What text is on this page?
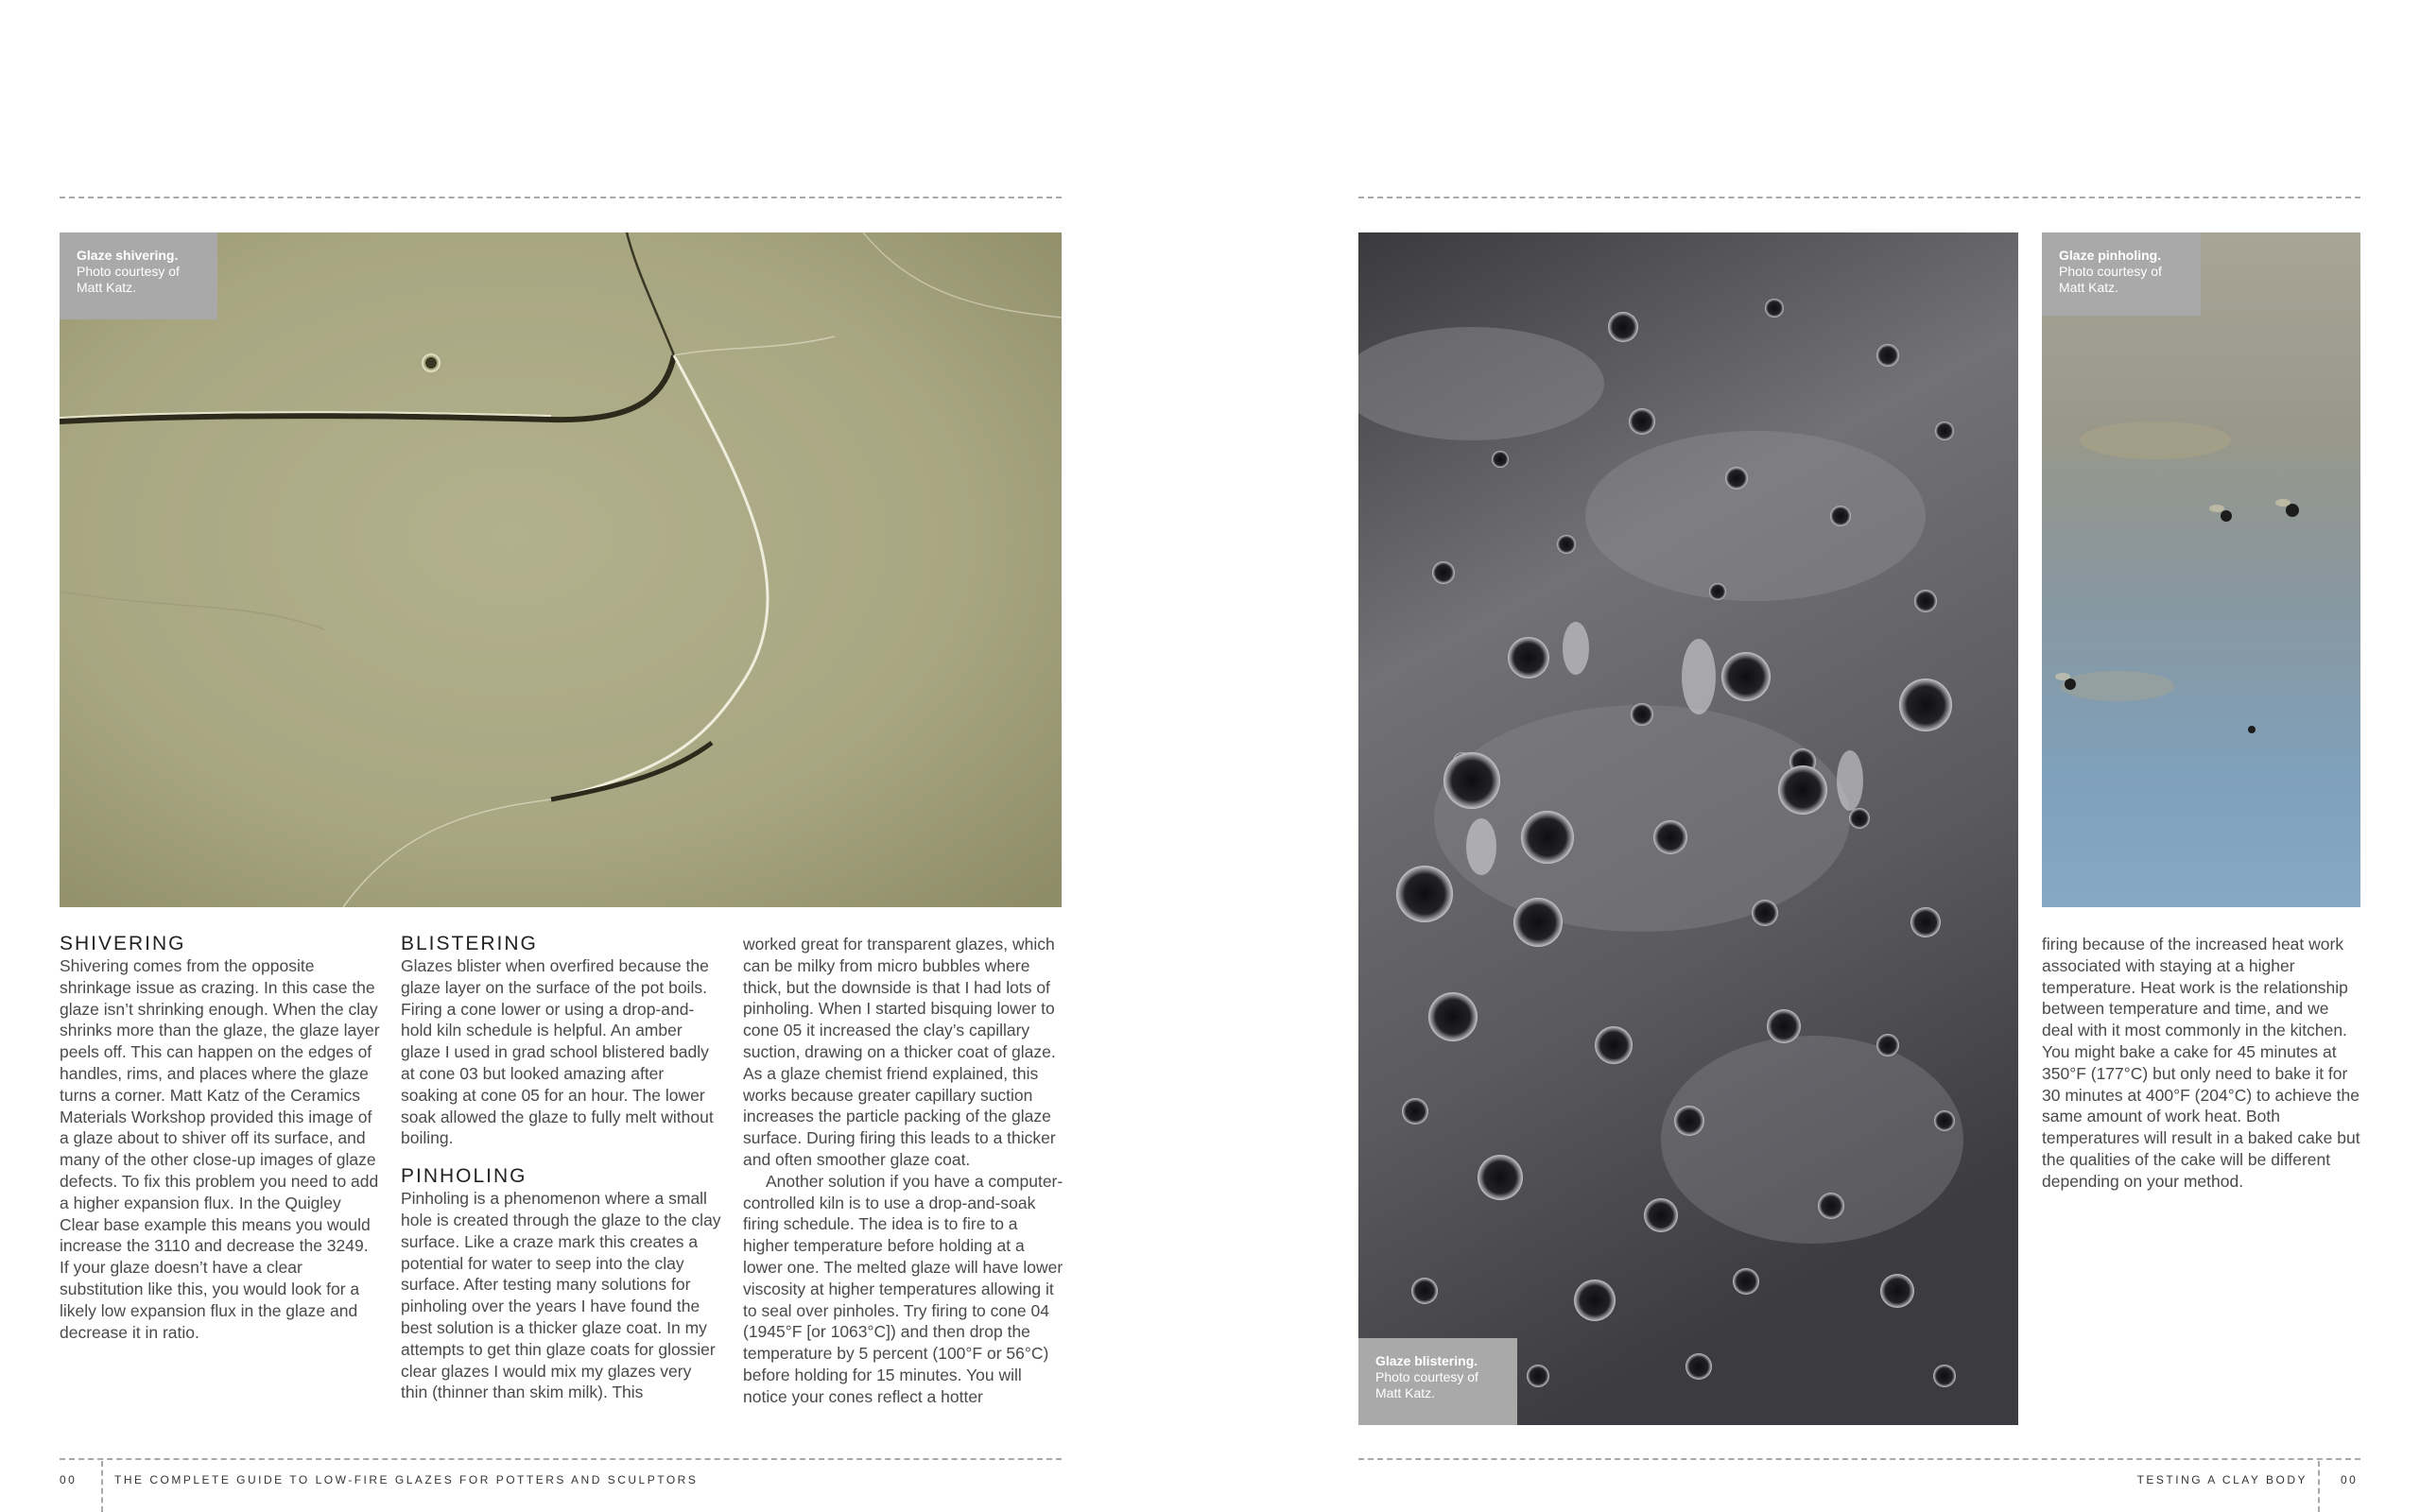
Glaze shivering.
Photo courtesy of Matt Katz.
SHIVERING

Shivering comes from the opposite shrinkage issue as crazing. In this case the glaze isn’t shrinking enough. When the clay shrinks more than the glaze, the glaze layer peels off. This can happen on the edges of handles, rims, and places where the glaze turns a corner. Matt Katz of the Ceramics Materials Workshop provided this image of a glaze about to shiver off its surface, and many of the other close-up images of glaze defects. To fix this problem you need to add a higher expansion flux. In the Quigley Clear base example this means you would increase the 3110 and decrease the 3249. If your glaze doesn’t have a clear substitution like this, you would look for a likely low expansion flux in the glaze and decrease it in ratio.

BLISTERING

Glazes blister when overfired because the glaze layer on the surface of the pot boils. Firing a cone lower or using a drop-and-hold kiln schedule is helpful. An amber glaze I used in grad school blistered badly at cone 03 but looked amazing after soaking at cone 05 for an hour. The lower soak allowed the glaze to fully melt without boiling.

PINHOLING

Pinholing is a phenomenon where a small hole is created through the glaze to the clay surface. Like a craze mark this creates a potential for water to seep into the clay surface. After testing many solutions for pinholing over the years I have found the best solution is a thicker glaze coat. In my attempts to get thin glaze coats for glossier clear glazes I would mix my glazes very thin (thinner than skim milk). This

worked great for transparent glazes, which can be milky from micro bubbles where thick, but the downside is that I had lots of pinholing. When I started bisquing lower to cone 05 it increased the clay’s capillary suction, drawing on a thicker coat of glaze. As a glaze chemist friend explained, this works because greater capillary suction increases the particle packing of the glaze surface. During firing this leads to a thicker and often smoother glaze coat.

Another solution if you have a computer-controlled kiln is to use a drop-and-soak firing schedule. The idea is to fire to a higher temperature before holding at a lower one. The melted glaze will have lower viscosity at higher temperatures allowing it to seal over pinholes. Try firing to cone 04 (1945°F [or 1063°C]) and then drop the temperature by 5 percent (100°F or 56°C) before holding for 15 minutes. You will notice your cones reflect a hotter

00	THE COMPLETE GUIDE TO LOW-FIRE GLAZES FOR POTTERS AND SCULPTORS
Glaze blistering.
Photo courtesy of Matt Katz.
Glaze pinholing.
Photo courtesy of Matt Katz.

firing because of the increased heat work associated with staying at a higher temperature. Heat work is the relationship between temperature and time, and we deal with it most commonly in the kitchen. You might bake a cake for 45 minutes at 350°F (177°C) but only need to bake it for 30 minutes at 400°F (204°C) to achieve the same amount of work heat. Both temperatures will result in a baked cake but the qualities of the cake will be different depending on your method.

TESTING A CLAY BODY	00
